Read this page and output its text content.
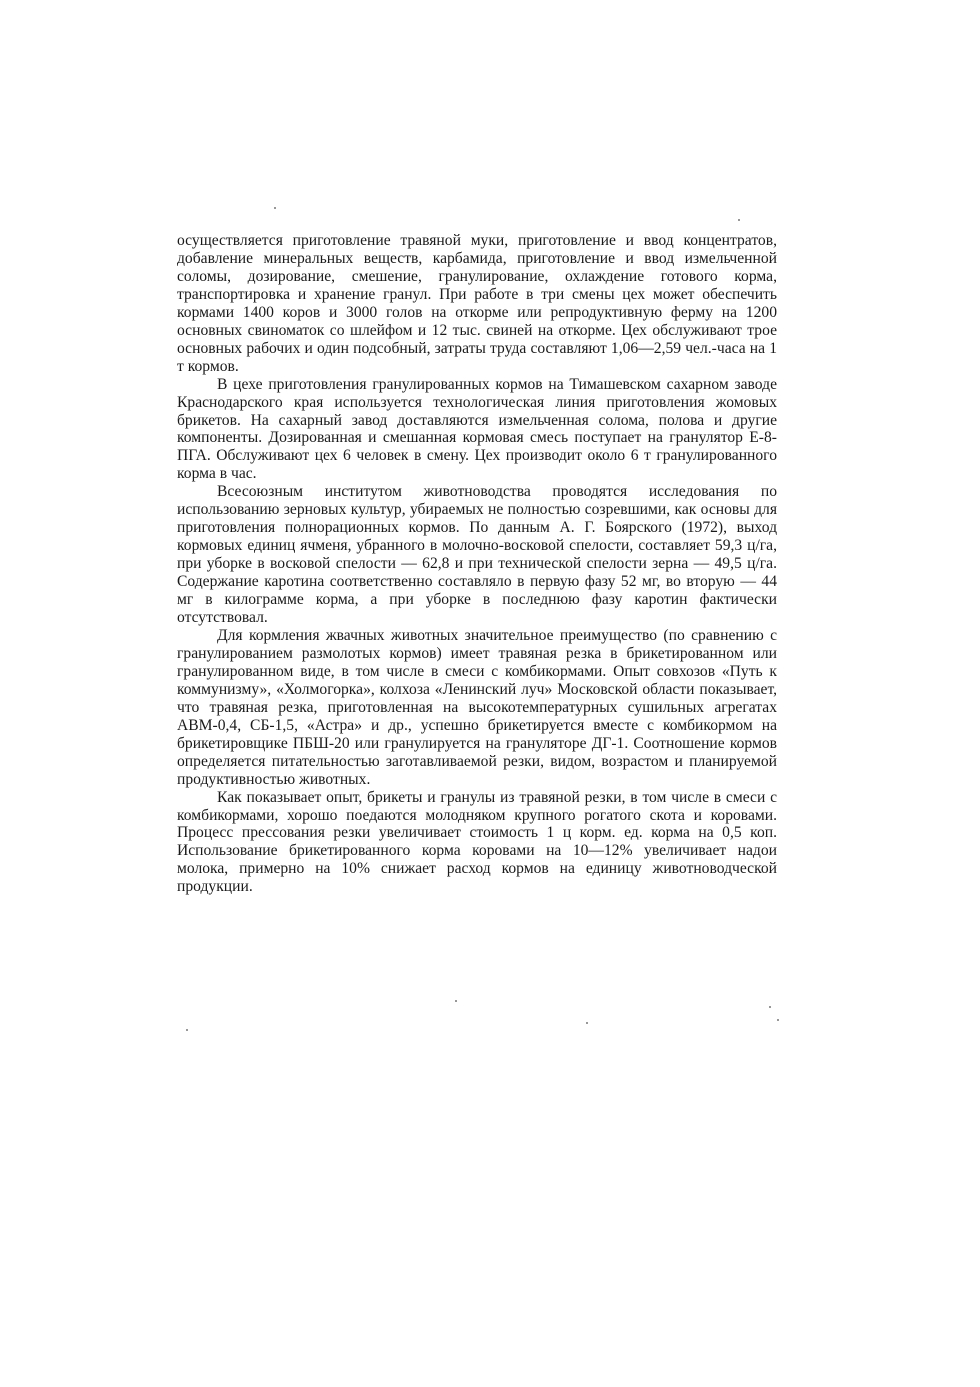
осуществляется приготовление травяной муки, приготовление и ввод концентратов, добавление минеральных веществ, карбамида, приготовление и ввод измельченной соломы, дозирование, смешение, гранулирование, охлаждение готового корма, транспортировка и хранение гранул. При работе в три смены цех может обеспечить кормами 1400 коров и 3000 голов на откорме или репродуктивную ферму на 1200 основных свиноматок со шлейфом и 12 тыс. свиней на откорме. Цех обслуживают трое основных рабочих и один подсобный, затраты труда составляют 1,06—2,59 чел.-часа на 1 т кормов.

В цехе приготовления гранулированных кормов на Тимашевском сахарном заводе Краснодарского края используется технологическая линия приготовления жомовых брикетов. На сахарный завод доставляются измельченная солома, полова и другие компоненты. Дозированная и смешанная кормовая смесь поступает на гранулятор Е-8-ПГА. Обслуживают цех 6 человек в смену. Цех производит около 6 т гранулированного корма в час.

Всесоюзным институтом животноводства проводятся исследования по использованию зерновых культур, убираемых не полностью созревшими, как основы для приготовления полнорационных кормов. По данным А. Г. Боярского (1972), выход кормовых единиц ячменя, убранного в молочно-восковой спелости, составляет 59,3 ц/га, при уборке в восковой спелости — 62,8 и при технической спелости зерна — 49,5 ц/га. Содержание каротина соответственно составляло в первую фазу 52 мг, во вторую — 44 мг в килограмме корма, а при уборке в последнюю фазу каротин фактически отсутствовал.

Для кормления жвачных животных значительное преимущество (по сравнению с гранулированием размолотых кормов) имеет травяная резка в брикетированном или гранулированном виде, в том числе в смеси с комбикормами. Опыт совхозов «Путь к коммунизму», «Холмогорка», колхоза «Ленинский луч» Московской области показывает, что травяная резка, приготовленная на высокотемпературных сушильных агрегатах АВМ-0,4, СБ-1,5, «Астра» и др., успешно брикетируется вместе с комбикормом на брикетировщике ПБШ-20 или гранулируется на грануляторе ДГ-1. Соотношение кормов определяется питательностью заготавливаемой резки, видом, возрастом и планируемой продуктивностью животных.

Как показывает опыт, брикеты и гранулы из травяной резки, в том числе в смеси с комбикормами, хорошо поедаются молодняком крупного рогатого скота и коровами. Процесс прессования резки увеличивает стоимость 1 ц корм. ед. корма на 0,5 коп. Использование брикетированного корма коровами на 10—12% увеличивает надои молока, примерно на 10% снижает расход кормов на единицу животноводческой продукции.
